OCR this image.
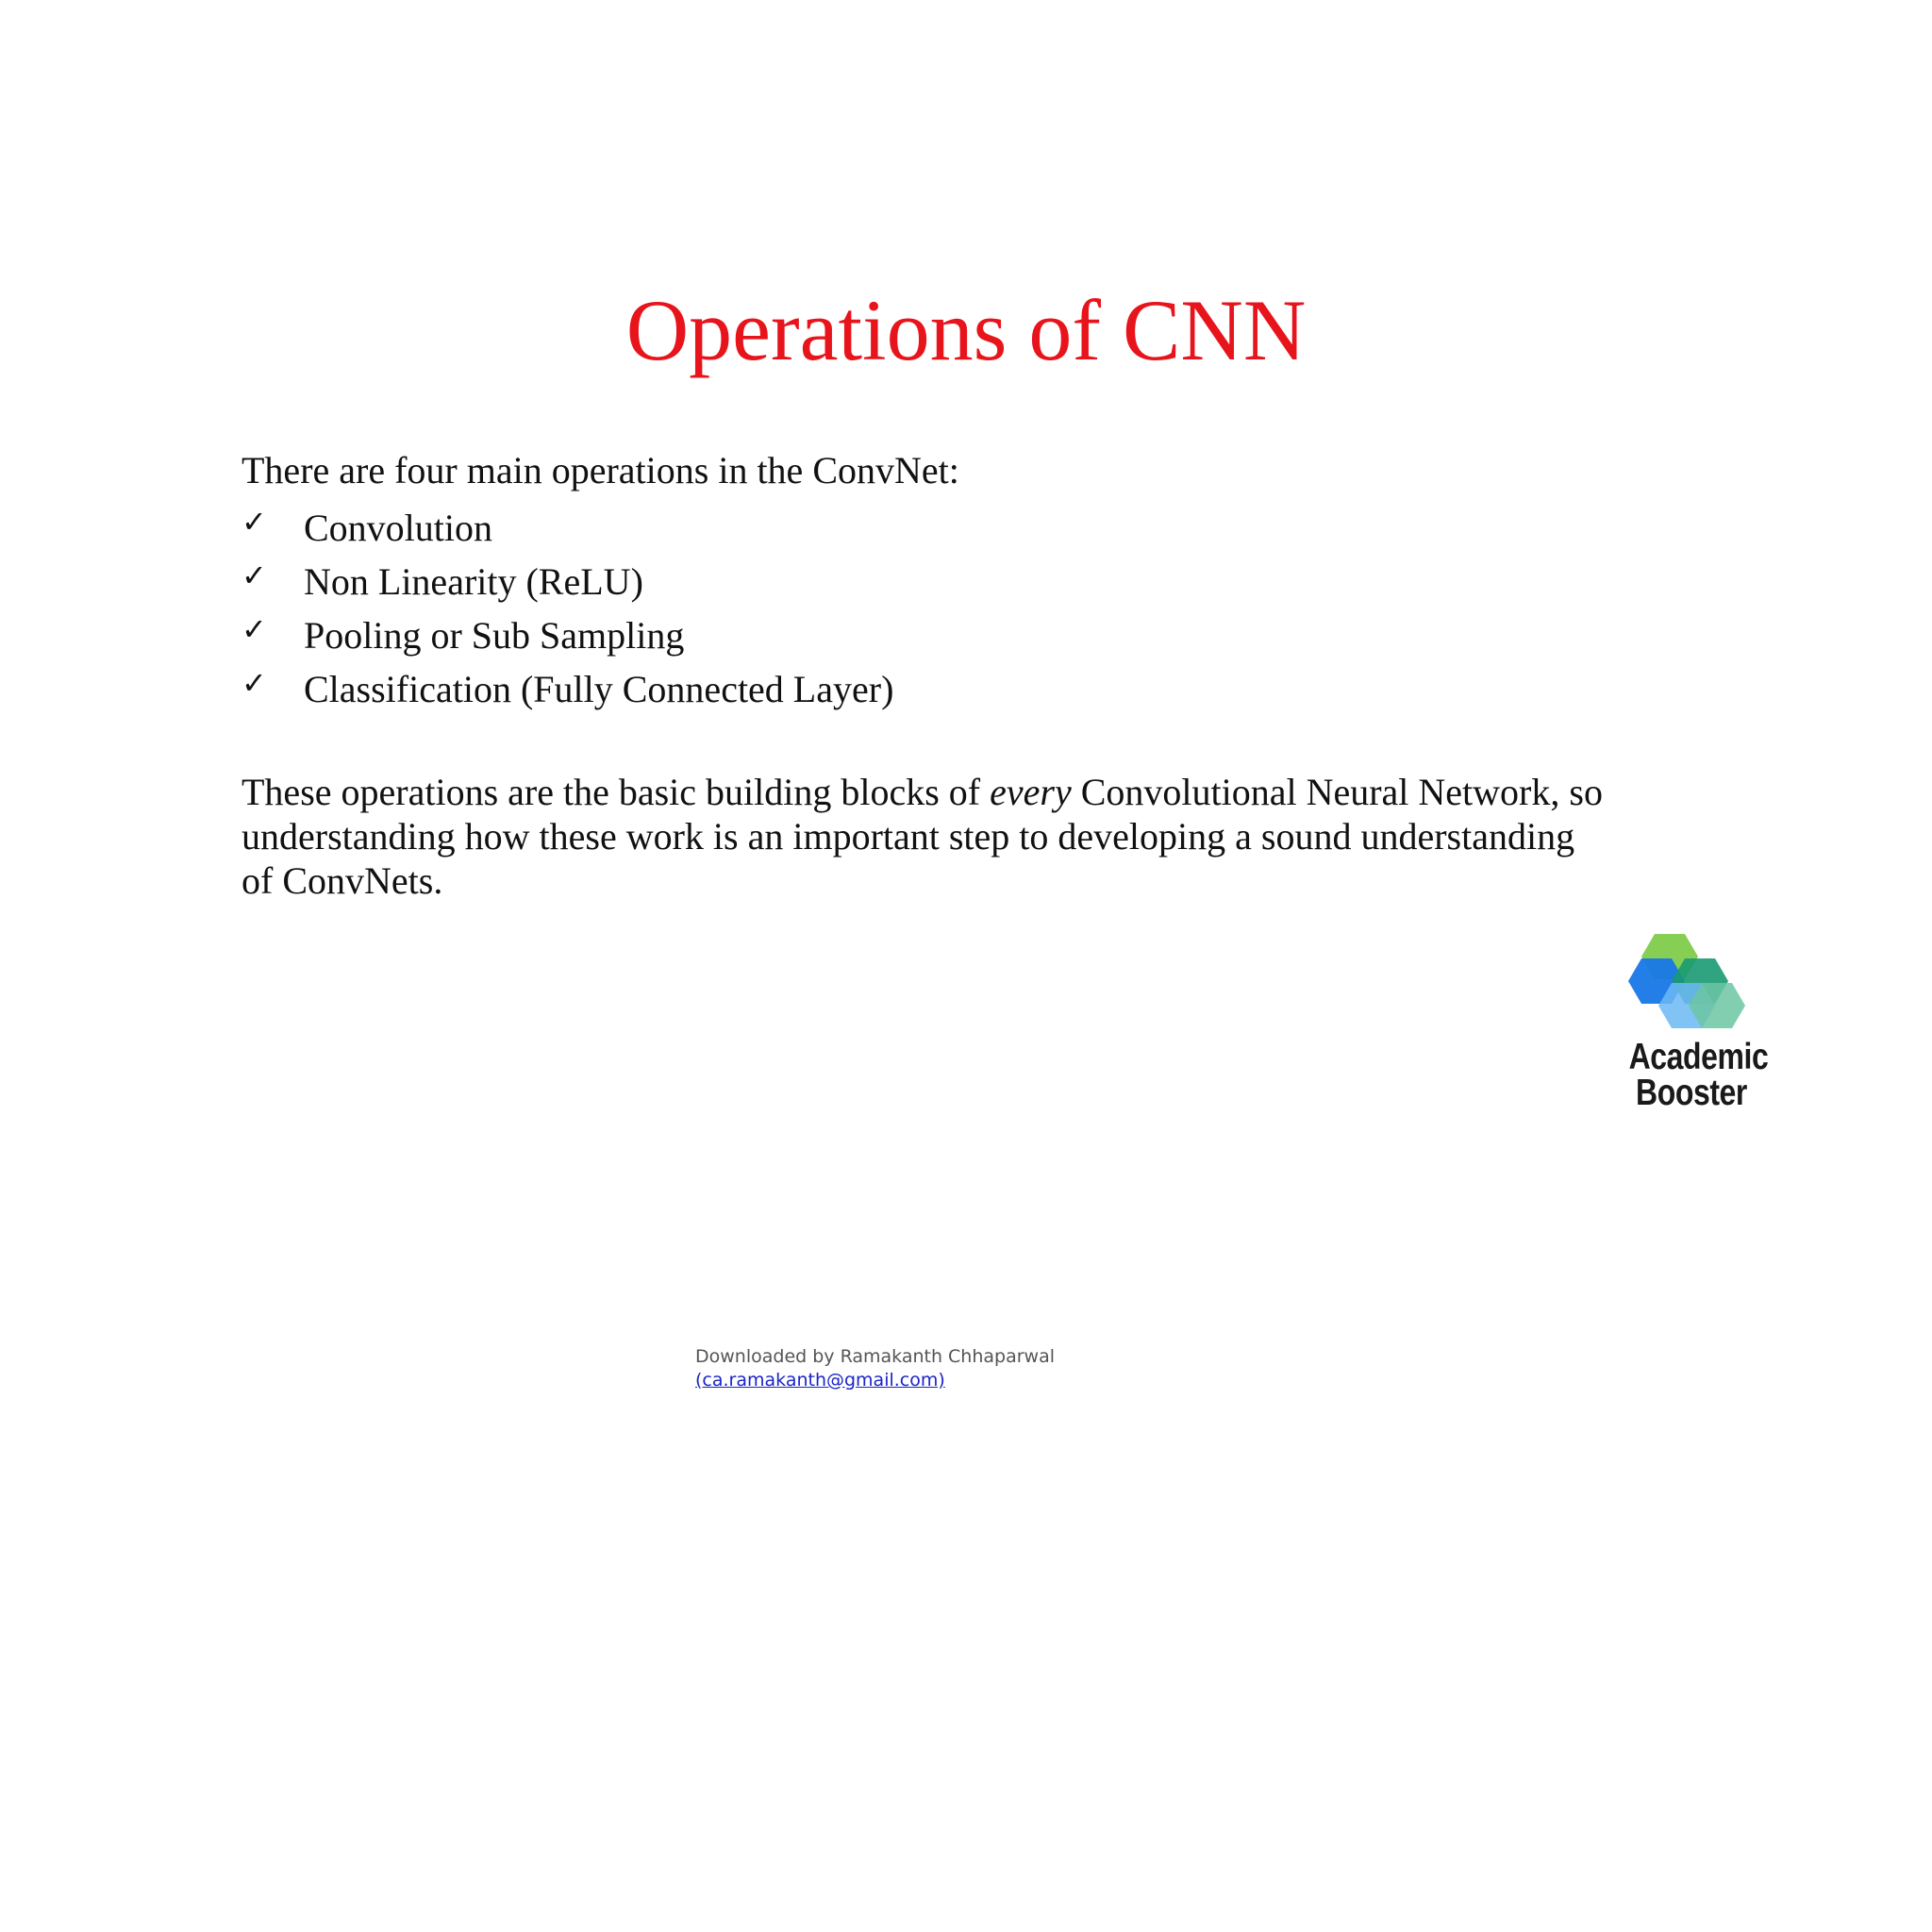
Operations of CNN

There are four main operations in the ConvNet:

✓ Convolution
✓ Non Linearity (ReLU)
✓ Pooling or Sub Sampling
✓ Classification (Fully Connected Layer)

These operations are the basic building blocks of every Convolutional Neural Network, so understanding how these work is an important step to developing a sound understanding of ConvNets.

Academic
Booster
Downloaded by Ramakanth Chhaparwal
(ca.ramakanth@gmail.com)
